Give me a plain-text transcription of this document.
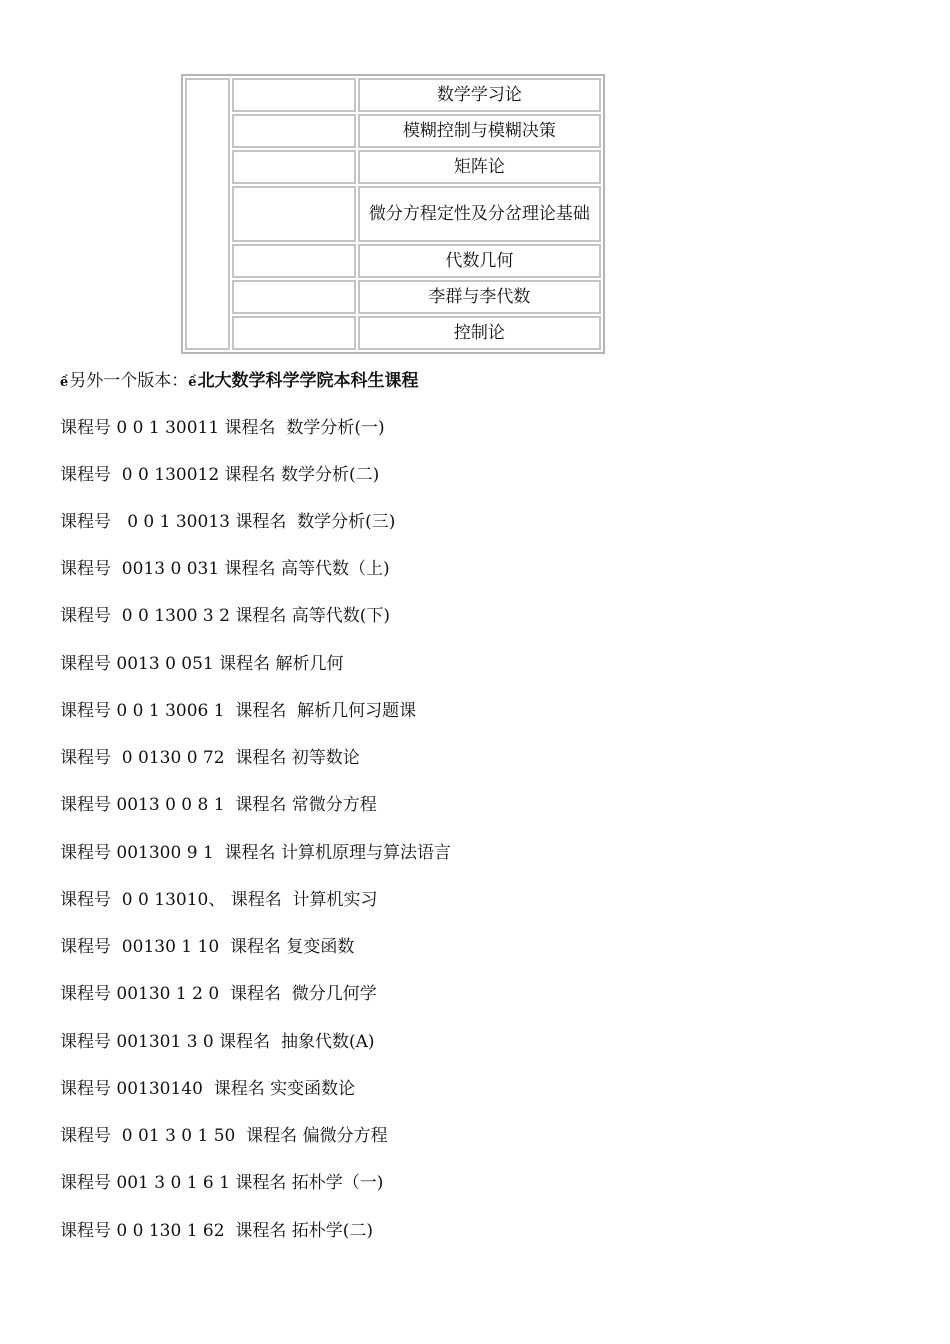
		数学学习论
		模糊控制与模糊决策
		矩阵论
		微分方程定性及分岔理论基础
		代数几何
		李群与李代数
		控制论
ề另外一个版本：ề北大数学科学学院本科生课程
课程号 0 0 1 30011 课程名  数学分析(一)
课程号  0 0 130012 课程名 数学分析(二)
课程号   0 0 1 30013 课程名  数学分析(三)
课程号  0013 0 031 课程名 高等代数（上)
课程号  0 0 1300 3 2 课程名 高等代数(下)
课程号 0013 0 051 课程名 解析几何
课程号 0 0 1 3006 1  课程名  解析几何习题课
课程号  0 0130 0 72  课程名 初等数论
课程号 0013 0 0 8 1  课程名 常微分方程
课程号 001300 9 1  课程名 计算机原理与算法语言
课程号  0 0 13010、 课程名  计算机实习
课程号  00130 1 10  课程名 复变函数
课程号 00130 1 2 0  课程名  微分几何学
课程号 001301 3 0 课程名  抽象代数(A)
课程号 00130140  课程名 实变函数论
课程号  0 01 3 0 1 50  课程名 偏微分方程
课程号 001 3 0 1 6 1 课程名 拓朴学（一)
课程号 0 0 130 1 62  课程名 拓朴学(二)
